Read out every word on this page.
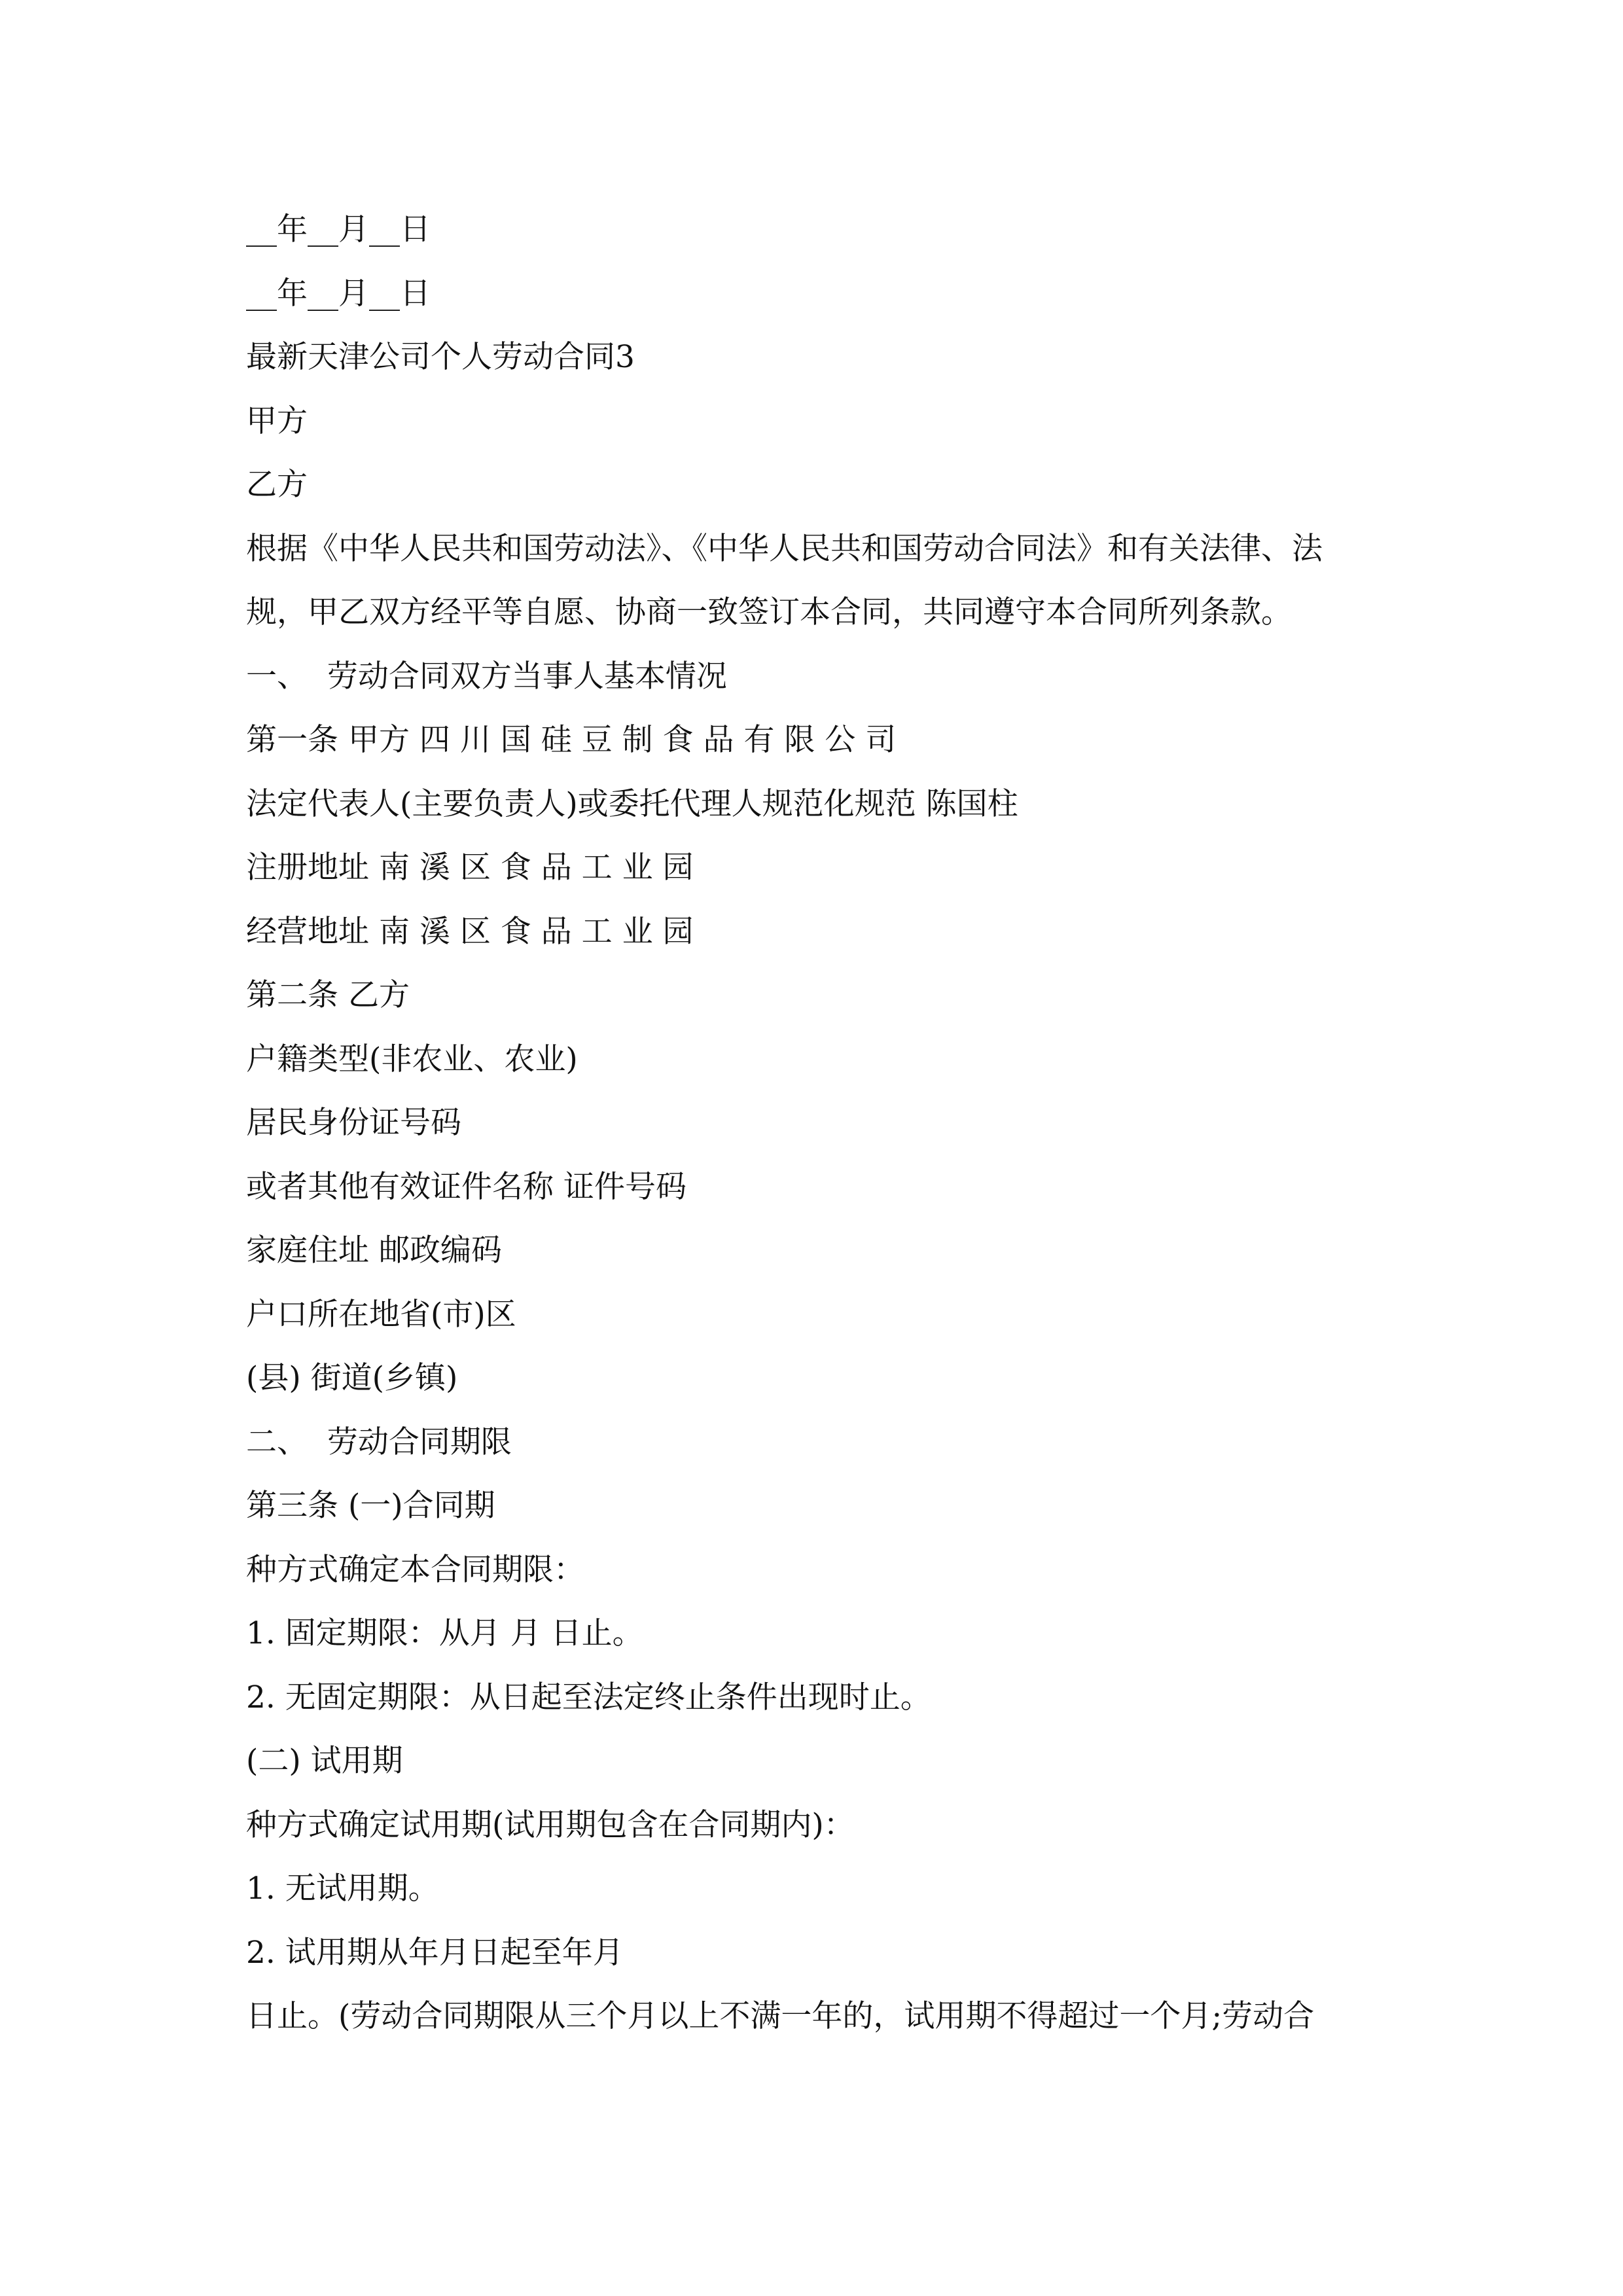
__年__月__日
__年__月__日
最新天津公司个人劳动合同3
甲方
乙方
根据《中华人民共和国劳动法》、《中华人民共和国劳动合同法》和有关法律、法
规，甲乙双方经平等自愿、协商一致签订本合同，共同遵守本合同所列条款。
一、  劳动合同双方当事人基本情况
第一条 甲方 四 川 国 硅 豆 制 食 品 有 限 公 司
法定代表人(主要负责人)或委托代理人规范化规范 陈国柱
注册地址 南 溪 区 食 品 工 业 园
经营地址 南 溪 区 食 品 工 业 园
第二条 乙方
户籍类型(非农业、农业)
居民身份证号码
或者其他有效证件名称 证件号码
家庭住址 邮政编码
户口所在地省(市)区
(县) 街道(乡镇)
二、  劳动合同期限
第三条 (一)合同期
种方式确定本合同期限：
1. 固定期限：从月 月 日止。
2. 无固定期限：从日起至法定终止条件出现时止。
(二) 试用期
种方式确定试用期(试用期包含在合同期内)：
1. 无试用期。
2. 试用期从年月日起至年月
日止。(劳动合同期限从三个月以上不满一年的，试用期不得超过一个月;劳动合
